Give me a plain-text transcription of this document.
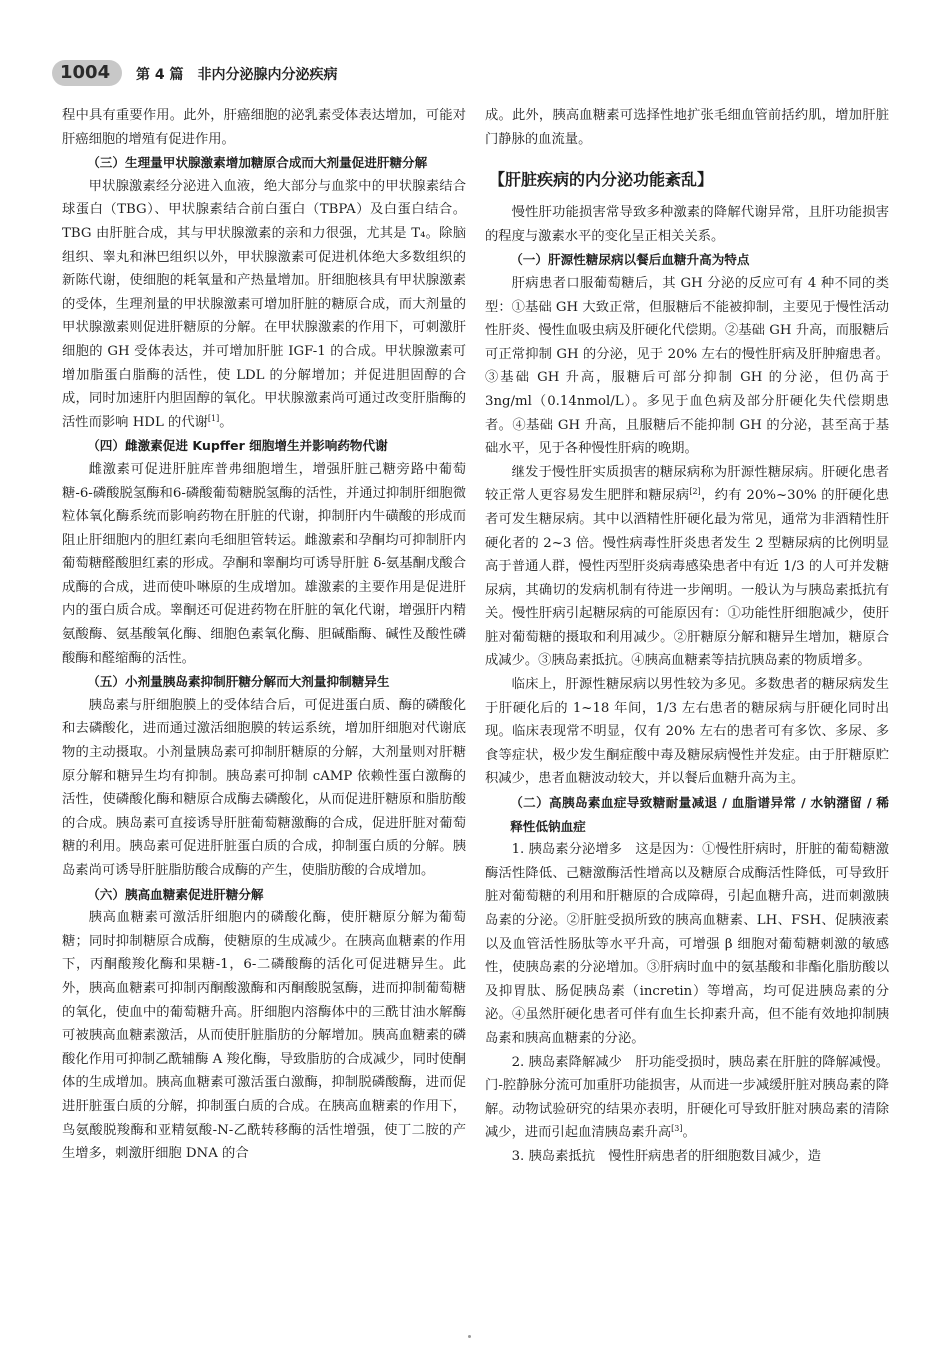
1004 第 4 篇　非内分泌腺内分泌疾病

程中具有重要作用。此外，肝癌细胞的泌乳素受体表达增加，可能对肝癌细胞的增殖有促进作用。

（三）生理量甲状腺激素增加糖原合成而大剂量促进肝糖分解

甲状腺激素经分泌进入血液，绝大部分与血浆中的甲状腺素结合球蛋白（TBG）、甲状腺素结合前白蛋白（TBPA）及白蛋白结合。TBG 由肝脏合成，其与甲状腺激素的亲和力很强，尤其是 T₄。除脑组织、睾丸和淋巴组织以外，甲状腺激素可促进机体绝大多数组织的新陈代谢，使细胞的耗氧量和产热量增加。肝细胞核具有甲状腺激素的受体，生理剂量的甲状腺激素可增加肝脏的糖原合成，而大剂量的甲状腺激素则促进肝糖原的分解。在甲状腺激素的作用下，可刺激肝细胞的 GH 受体表达，并可增加肝脏 IGF-1 的合成。甲状腺激素可增加脂蛋白脂酶的活性，使 LDL 的分解增加；并促进胆固醇的合成，同时加速肝内胆固醇的氧化。甲状腺激素尚可通过改变肝脂酶的活性而影响 HDL 的代谢[1]。

（四）雌激素促进 Kupffer 细胞增生并影响药物代谢

雌激素可促进肝脏库普弗细胞增生，增强肝脏己糖旁路中葡萄糖-6-磷酸脱氢酶和6-磷酸葡萄糖脱氢酶的活性，并通过抑制肝细胞微粒体氧化酶系统而影响药物在肝脏的代谢，抑制肝内牛磺酸的形成而阻止肝细胞内的胆红素向毛细胆管转运。雌激素和孕酮均可抑制肝内葡萄糖醛酸胆红素的形成。孕酮和睾酮均可诱导肝脏 δ-氨基酮戊酸合成酶的合成，进而使卟啉原的生成增加。雄激素的主要作用是促进肝内的蛋白质合成。睾酮还可促进药物在肝脏的氧化代谢，增强肝内精氨酸酶、氨基酸氧化酶、细胞色素氧化酶、胆碱酯酶、碱性及酸性磷酸酶和醛缩酶的活性。

（五）小剂量胰岛素抑制肝糖分解而大剂量抑制糖异生

胰岛素与肝细胞膜上的受体结合后，可促进蛋白质、酶的磷酸化和去磷酸化，进而通过激活细胞膜的转运系统，增加肝细胞对代谢底物的主动摄取。小剂量胰岛素可抑制肝糖原的分解，大剂量则对肝糖原分解和糖异生均有抑制。胰岛素可抑制 cAMP 依赖性蛋白激酶的活性，使磷酸化酶和糖原合成酶去磷酸化，从而促进肝糖原和脂肪酸的合成。胰岛素可直接诱导肝脏葡萄糖激酶的合成，促进肝脏对葡萄糖的利用。胰岛素可促进肝脏蛋白质的合成，抑制蛋白质的分解。胰岛素尚可诱导肝脏脂肪酸合成酶的产生，使脂肪酸的合成增加。

（六）胰高血糖素促进肝糖分解

胰高血糖素可激活肝细胞内的磷酸化酶，使肝糖原分解为葡萄糖；同时抑制糖原合成酶，使糖原的生成减少。在胰高血糖素的作用下，丙酮酸羧化酶和果糖-1，6-二磷酸酶的活化可促进糖异生。此外，胰高血糖素可抑制丙酮酸激酶和丙酮酸脱氢酶，进而抑制葡萄糖的氧化，使血中的葡萄糖升高。肝细胞内溶酶体中的三酰甘油水解酶可被胰高血糖素激活，从而使肝脏脂肪的分解增加。胰高血糖素的磷酸化作用可抑制乙酰辅酶 A 羧化酶，导致脂肪的合成减少，同时使酮体的生成增加。胰高血糖素可激活蛋白激酶，抑制脱磷酸酶，进而促进肝脏蛋白质的分解，抑制蛋白质的合成。在胰高血糖素的作用下，鸟氨酸脱羧酶和亚精氨酸-N-乙酰转移酶的活性增强，使丁二胺的产生增多，刺激肝细胞 DNA 的合

成。此外，胰高血糖素可选择性地扩张毛细血管前括约肌，增加肝脏门静脉的血流量。

【肝脏疾病的内分泌功能紊乱】

慢性肝功能损害常导致多种激素的降解代谢异常，且肝功能损害的程度与激素水平的变化呈正相关关系。

（一）肝源性糖尿病以餐后血糖升高为特点

肝病患者口服葡萄糖后，其 GH 分泌的反应可有 4 种不同的类型：①基础 GH 大致正常，但服糖后不能被抑制，主要见于慢性活动性肝炎、慢性血吸虫病及肝硬化代偿期。②基础 GH 升高，而服糖后可正常抑制 GH 的分泌，见于 20% 左右的慢性肝病及肝肿瘤患者。③基础 GH 升高，服糖后可部分抑制 GH 的分泌，但仍高于 3ng/ml（0.14nmol/L）。多见于血色病及部分肝硬化失代偿期患者。④基础 GH 升高，且服糖后不能抑制 GH 的分泌，甚至高于基础水平，见于各种慢性肝病的晚期。

继发于慢性肝实质损害的糖尿病称为肝源性糖尿病。肝硬化患者较正常人更容易发生肥胖和糖尿病[2]，约有 20%~30% 的肝硬化患者可发生糖尿病。其中以酒精性肝硬化最为常见，通常为非酒精性肝硬化者的 2~3 倍。慢性病毒性肝炎患者发生 2 型糖尿病的比例明显高于普通人群，慢性丙型肝炎病毒感染患者中有近 1/3 的人可并发糖尿病，其确切的发病机制有待进一步阐明。一般认为与胰岛素抵抗有关。慢性肝病引起糖尿病的可能原因有：①功能性肝细胞减少，使肝脏对葡萄糖的摄取和利用减少。②肝糖原分解和糖异生增加，糖原合成减少。③胰岛素抵抗。④胰高血糖素等拮抗胰岛素的物质增多。

临床上，肝源性糖尿病以男性较为多见。多数患者的糖尿病发生于肝硬化后的 1~18 年间，1/3 左右患者的糖尿病与肝硬化同时出现。临床表现常不明显，仅有 20% 左右的患者可有多饮、多尿、多食等症状，极少发生酮症酸中毒及糖尿病慢性并发症。由于肝糖原贮积减少，患者血糖波动较大，并以餐后血糖升高为主。

（二）高胰岛素血症导致糖耐量减退 / 血脂谱异常 / 水钠潴留 / 稀释性低钠血症

1. 胰岛素分泌增多　这是因为：①慢性肝病时，肝脏的葡萄糖激酶活性降低、己糖激酶活性增高以及糖原合成酶活性降低，可导致肝脏对葡萄糖的利用和肝糖原的合成障碍，引起血糖升高，进而刺激胰岛素的分泌。②肝脏受损所致的胰高血糖素、LH、FSH、促胰液素以及血管活性肠肽等水平升高，可增强 β 细胞对葡萄糖刺激的敏感性，使胰岛素的分泌增加。③肝病时血中的氨基酸和非酯化脂肪酸以及抑胃肽、肠促胰岛素（incretin）等增高，均可促进胰岛素的分泌。④虽然肝硬化患者可伴有血生长抑素升高，但不能有效地抑制胰岛素和胰高血糖素的分泌。

2. 胰岛素降解减少　肝功能受损时，胰岛素在肝脏的降解减慢。门-腔静脉分流可加重肝功能损害，从而进一步减缓肝脏对胰岛素的降解。动物试验研究的结果亦表明，肝硬化可导致肝脏对胰岛素的清除减少，进而引起血清胰岛素升高[3]。

3. 胰岛素抵抗　慢性肝病患者的肝细胞数目减少，造
